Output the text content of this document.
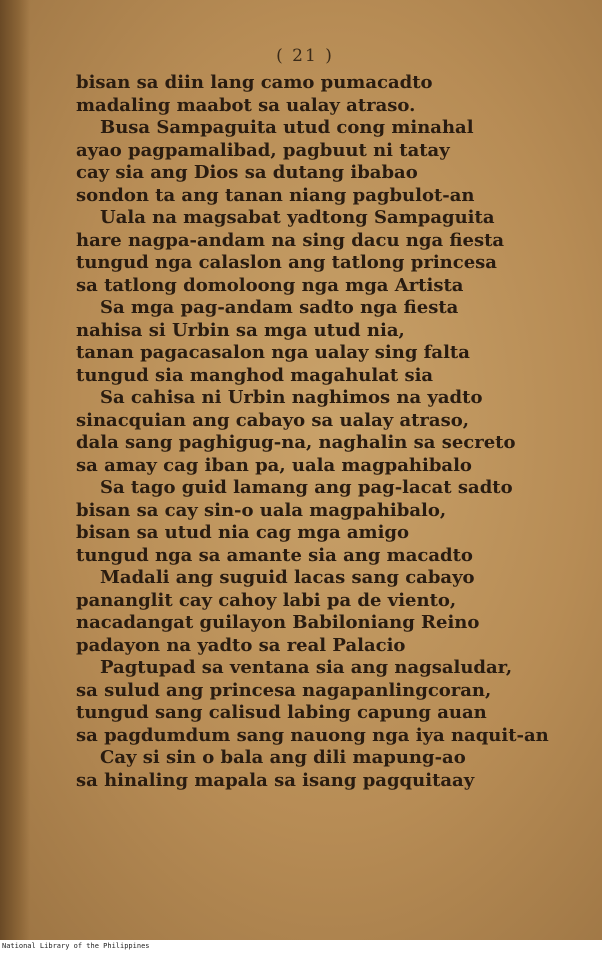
( 21 )
bisan sa diin lang camo pumacadto
madaling maabot sa ualay atraso.
Busa Sampaguita utud cong minahal
ayao pagpamalibad, pagbuut ni tatay
cay sia ang Dios sa dutang ibabao
sondon ta ang tanan niang pagbulot-an
Uala na magsabat yadtong Sampaguita
hare nagpa-andam na sing dacu nga fiesta
tungud nga calaslon ang tatlong princesa
sa tatlong domoloong nga mga Artista
Sa mga pag-andam sadto nga fiesta
nahisa si Urbin sa mga utud nia,
tanan pagacasalon nga ualay sing falta
tungud sia manghod magahulat sia
Sa cahisa ni Urbin naghimos na yadto
sinacquian ang cabayo sa ualay atraso,
dala sang paghigug-na, naghalin sa secreto
sa amay cag iban pa, uala magpahibalo
Sa tago guid lamang ang pag-lacat sadto
bisan sa cay sin-o uala magpahibalo,
bisan sa utud nia cag mga amigo
tungud nga sa amante sia ang macadto
Madali ang suguid lacas sang cabayo
pananglit cay cahoy labi pa de viento,
nacadangat guilayon Babiloniang Reino
padayon na yadto sa real Palacio
Pagtupad sa ventana sia ang nagsaludar,
sa sulud ang princesa nagapanlingcoran,
tungud sang calisud labing capung auan
sa pagdumdum sang nauong nga iya naquit-an
Cay si sin o bala ang dili mapung-ao
sa hinaling mapala sa isang pagquitaay
National Library of the Philippines
